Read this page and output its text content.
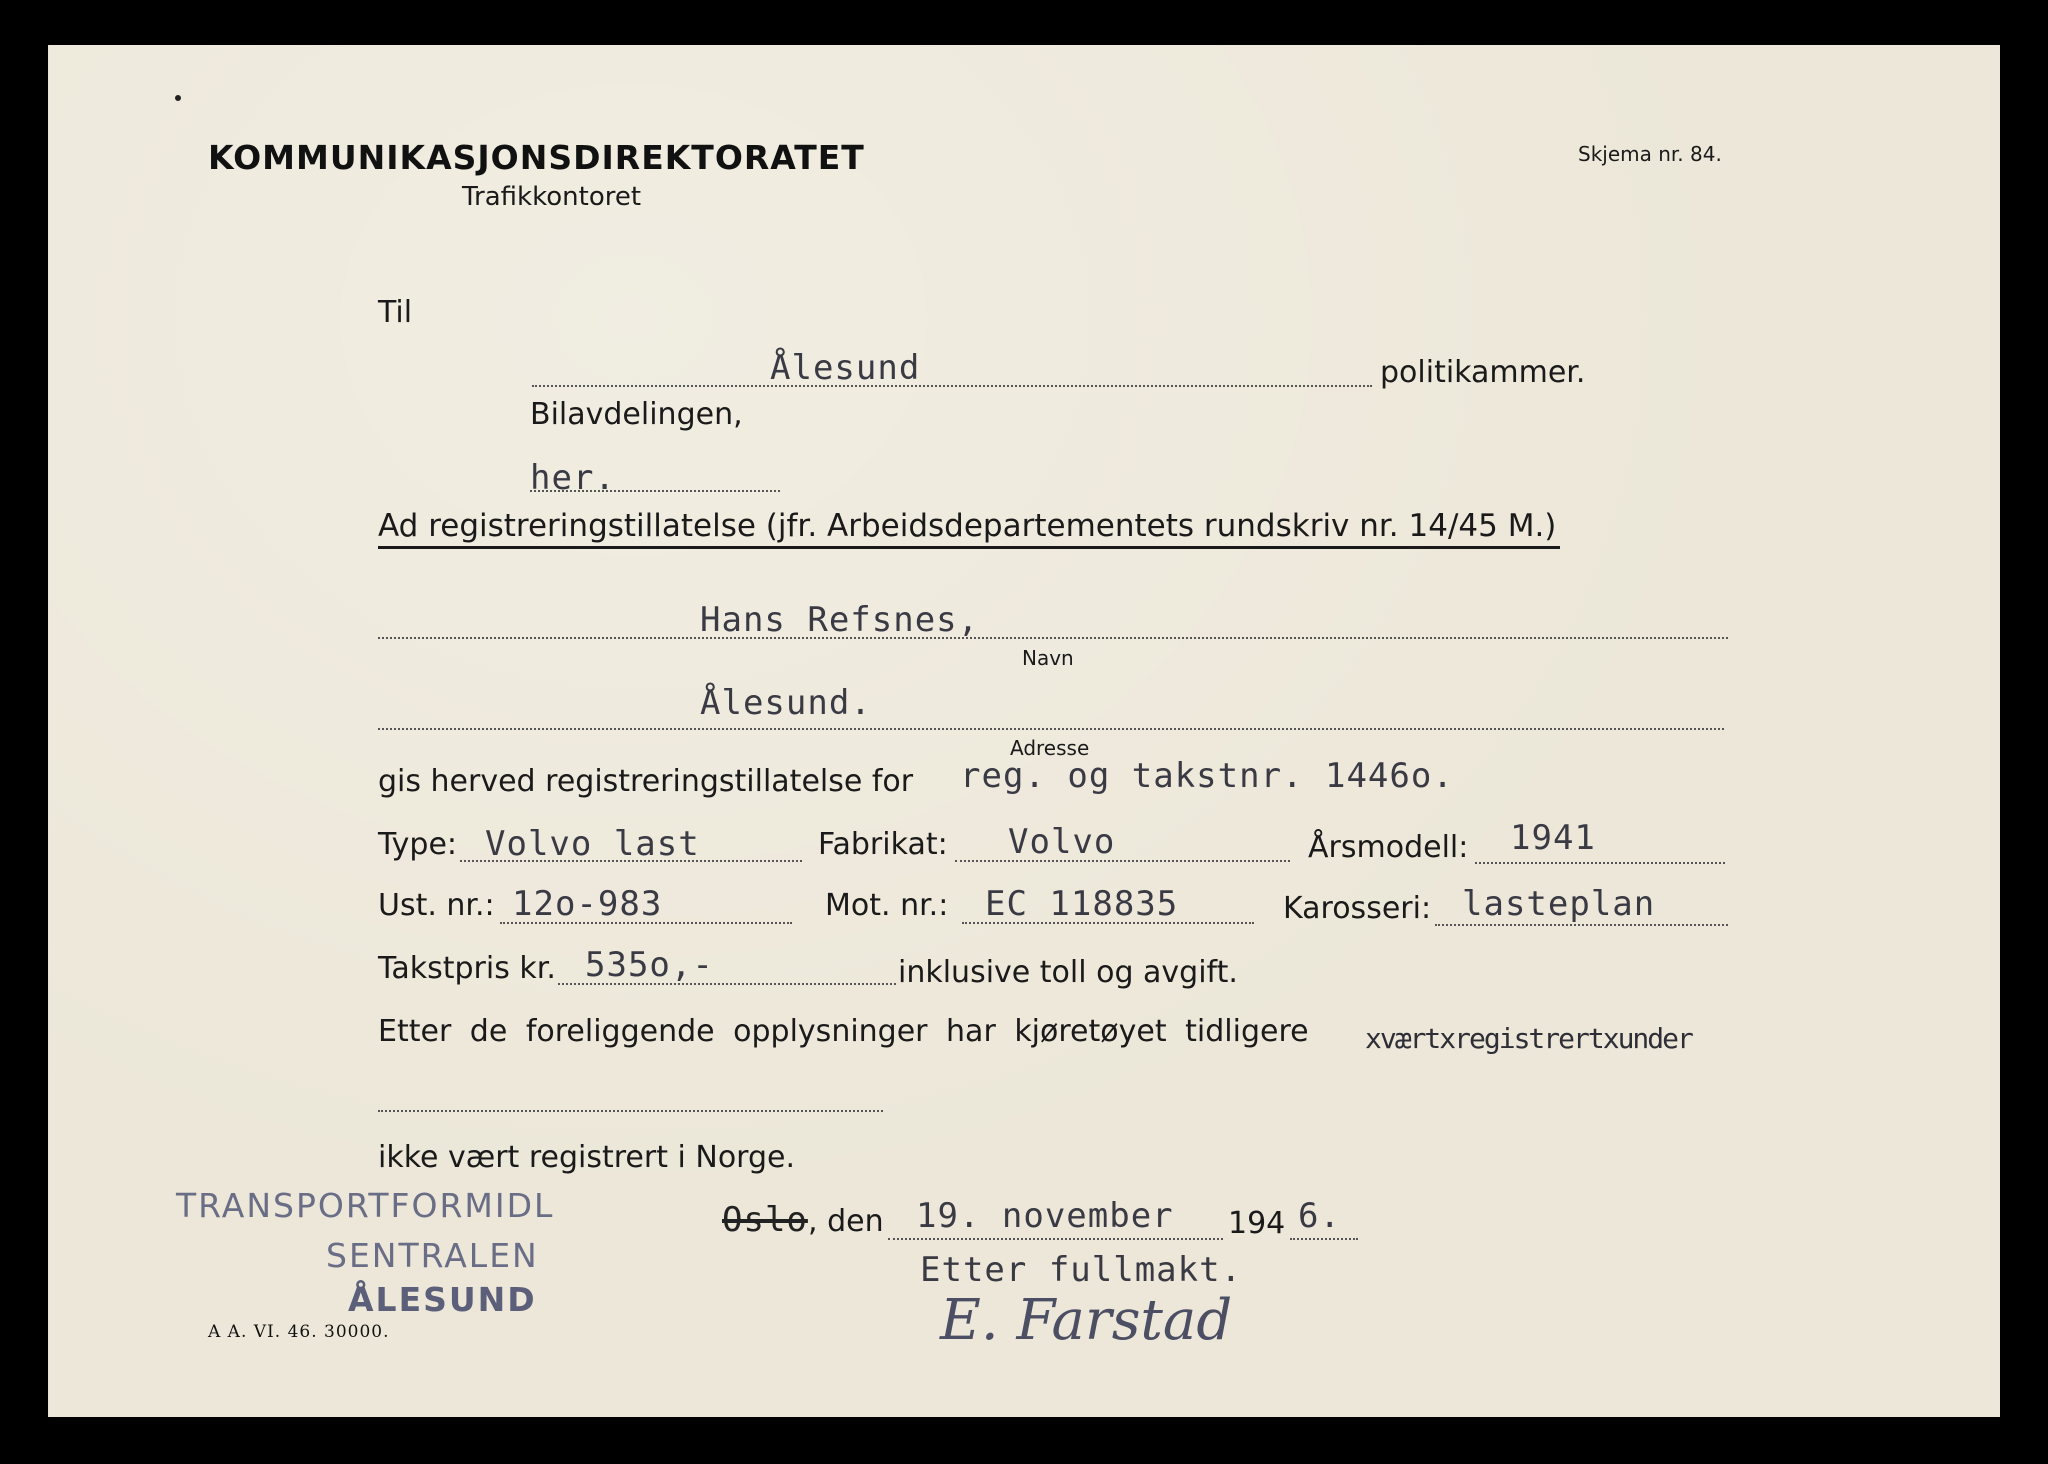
KOMMUNIKASJONSDIREKTORATET
Trafikkontoret
Skjema nr. 84.
Til
Ålesund	politikammer.
Bilavdelingen,
her.
Ad registreringstillatelse (jfr. Arbeidsdepartementets rundskriv nr. 14/45 M.)
Hans Refsnes,
Navn
Ålesund.
Adresse
gis herved registreringstillatelse for reg. og takstnr. 1446o.
Type: Volvo last	Fabrikat: Volvo	Årsmodell: 1941
Ust. nr.: 12o-983	Mot. nr.: EC 118835	Karosseri: lasteplan
Takstpris kr. 535o,-	inklusive toll og avgift.
Etter de foreliggende opplysninger har kjøretøyet tidligere xværtxregistrertxunder
ikke vært registrert i Norge.
TRANSPORTFORMIDL
SENTRALEN
ÅLESUND
Oslo , den 19. november 194 6.
Etter fullmakt.
E. Farstad
A A. VI. 46. 30000.
